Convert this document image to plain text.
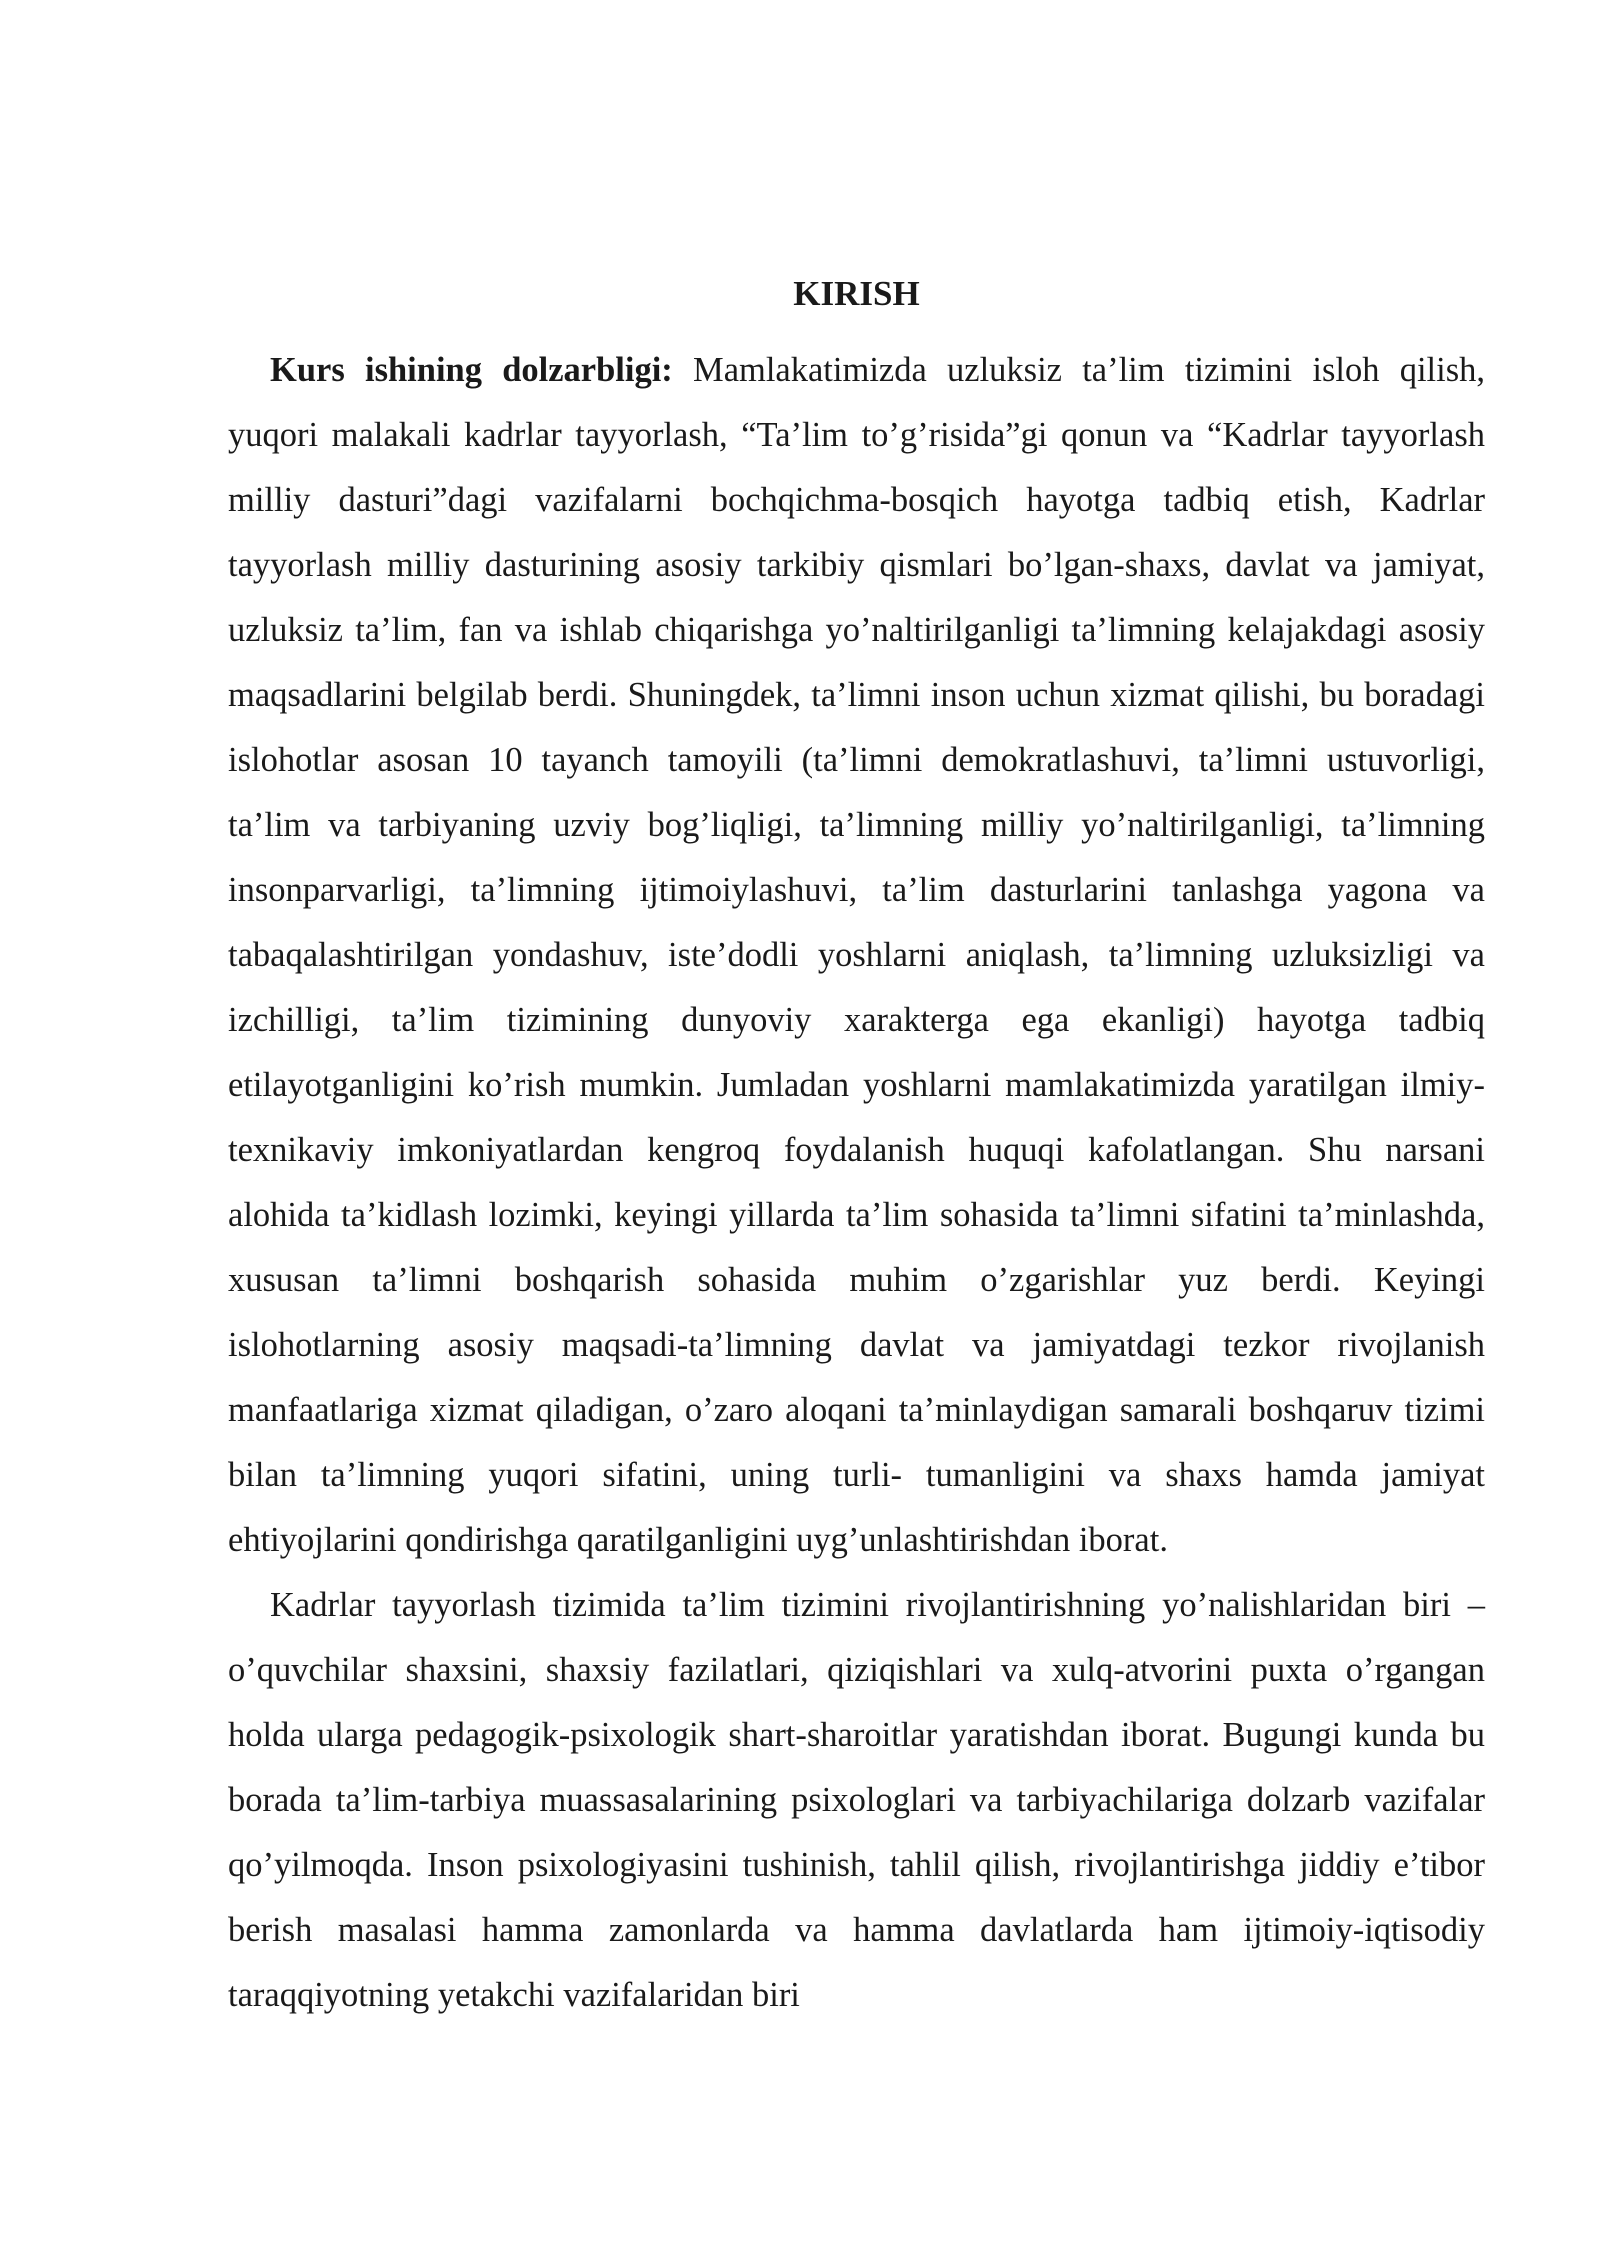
KIRISH

Kurs ishining dolzarbligi: Mamlakatimizda uzluksiz ta’lim tizimini isloh qilish, yuqori malakali kadrlar tayyorlash, “Ta’lim to’g’risida”gi qonun va “Kadrlar tayyorlash milliy dasturi”dagi vazifalarni bochqichma-bosqich hayotga tadbiq etish, Kadrlar tayyorlash milliy dasturining asosiy tarkibiy qismlari bo’lgan-shaxs, davlat va jamiyat, uzluksiz ta’lim, fan va ishlab chiqarishga yo’naltirilganligi ta’limning kelajakdagi asosiy maqsadlarini belgilab berdi. Shuningdek, ta’limni inson uchun xizmat qilishi, bu boradagi islohotlar asosan 10 tayanch tamoyili (ta’limni demokratlashuvi, ta’limni ustuvorligi, ta’lim va tarbiyaning uzviy bog’liqligi, ta’limning milliy yo’naltirilganligi, ta’limning insonparvarligi, ta’limning ijtimoiylashuvi, ta’lim dasturlarini tanlashga yagona va tabaqalashtirilgan yondashuv, iste’dodli yoshlarni aniqlash, ta’limning uzluksizligi va izchilligi, ta’lim tizimining dunyoviy xarakterga ega ekanligi) hayotga tadbiq etilayotganligini ko’rish mumkin. Jumladan yoshlarni mamlakatimizda yaratilgan ilmiy-texnikaviy imkoniyatlardan kengroq foydalanish huquqi kafolatlangan. Shu narsani alohida ta’kidlash lozimki, keyingi yillarda ta’lim sohasida ta’limni sifatini ta’minlashda, xususan ta’limni boshqarish sohasida muhim o’zgarishlar yuz berdi. Keyingi islohotlarning asosiy maqsadi-ta’limning davlat va jamiyatdagi tezkor rivojlanish manfaatlariga xizmat qiladigan, o’zaro aloqani ta’minlaydigan samarali boshqaruv tizimi bilan ta’limning yuqori sifatini, uning turli- tumanligini va shaxs hamda jamiyat ehtiyojlarini qondirishga qaratilganligini uyg’unlashtirishdan iborat.

Kadrlar tayyorlash tizimida ta’lim tizimini rivojlantirishning yo’nalishlaridan biri – o’quvchilar shaxsini, shaxsiy fazilatlari, qiziqishlari va xulq-atvorini puxta o’rgangan holda ularga pedagogik-psixologik shart-sharoitlar yaratishdan iborat. Bugungi kunda bu borada ta’lim-tarbiya muassasalarining psixologlari va tarbiyachilariga dolzarb vazifalar qo’yilmoqda. Inson psixologiyasini tushinish, tahlil qilish, rivojlantirishga jiddiy e’tibor berish masalasi hamma zamonlarda va hamma davlatlarda ham ijtimoiy-iqtisodiy taraqqiyotning yetakchi vazifalaridan biri
